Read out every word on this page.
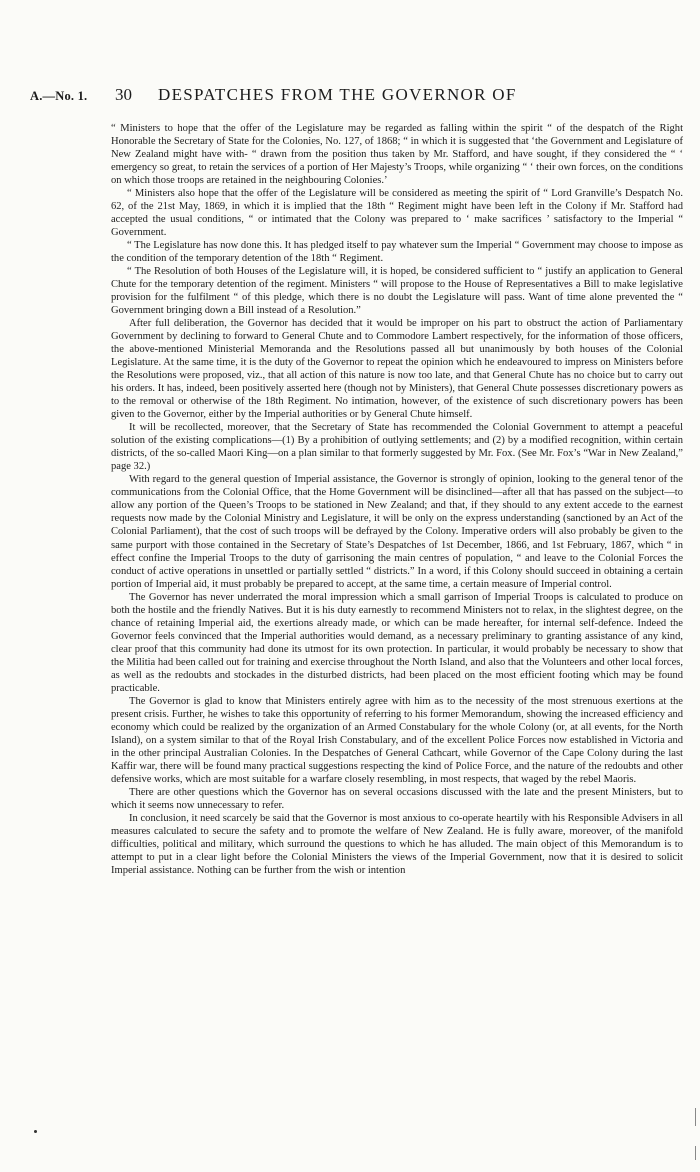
A.—No. 1. 30 DESPATCHES FROM THE GOVERNOR OF

“ Ministers to hope that the offer of the Legislature may be regarded as falling within the spirit “ of the despatch of the Right Honorable the Secretary of State for the Colonies, No. 127, of 1868; “ in which it is suggested that ‘the Government and Legislature of New Zealand might have with- “ drawn from the position thus taken by Mr. Stafford, and have sought, if they considered the “ ‘ emergency so great, to retain the services of a portion of Her Majesty’s Troops, while organizing “ ‘ their own forces, on the conditions on which those troops are retained in the neighbouring Colonies.’

“ Ministers also hope that the offer of the Legislature will be considered as meeting the spirit of “ Lord Granville’s Despatch No. 62, of the 21st May, 1869, in which it is implied that the 18th “ Regiment might have been left in the Colony if Mr. Stafford had accepted the usual conditions, “ or intimated that the Colony was prepared to ‘ make sacrifices ’ satisfactory to the Imperial “ Government.

“ The Legislature has now done this. It has pledged itself to pay whatever sum the Imperial “ Government may choose to impose as the condition of the temporary detention of the 18th “ Regiment.

“ The Resolution of both Houses of the Legislature will, it is hoped, be considered sufficient to “ justify an application to General Chute for the temporary detention of the regiment. Ministers “ will propose to the House of Representatives a Bill to make legislative provision for the fulfilment “ of this pledge, which there is no doubt the Legislature will pass. Want of time alone prevented the “ Government bringing down a Bill instead of a Resolution.”

After full deliberation, the Governor has decided that it would be improper on his part to obstruct the action of Parliamentary Government by declining to forward to General Chute and to Commodore Lambert respectively, for the information of those officers, the above-mentioned Ministerial Memoranda and the Resolutions passed all but unanimously by both houses of the Colonial Legislature. At the same time, it is the duty of the Governor to repeat the opinion which he endeavoured to impress on Ministers before the Resolutions were proposed, viz., that all action of this nature is now too late, and that General Chute has no choice but to carry out his orders. It has, indeed, been positively asserted here (though not by Ministers), that General Chute possesses discretionary powers as to the removal or otherwise of the 18th Regiment. No intimation, however, of the existence of such discretionary powers has been given to the Governor, either by the Imperial authorities or by General Chute himself.

It will be recollected, moreover, that the Secretary of State has recommended the Colonial Government to attempt a peaceful solution of the existing complications—(1) By a prohibition of outlying settlements; and (2) by a modified recognition, within certain districts, of the so-called Maori King—on a plan similar to that formerly suggested by Mr. Fox. (See Mr. Fox’s “War in New Zealand,” page 32.)

With regard to the general question of Imperial assistance, the Governor is strongly of opinion, looking to the general tenor of the communications from the Colonial Office, that the Home Government will be disinclined—after all that has passed on the subject—to allow any portion of the Queen’s Troops to be stationed in New Zealand; and that, if they should to any extent accede to the earnest requests now made by the Colonial Ministry and Legislature, it will be only on the express understanding (sanctioned by an Act of the Colonial Parliament), that the cost of such troops will be defrayed by the Colony. Imperative orders will also probably be given to the same purport with those contained in the Secretary of State’s Despatches of 1st December, 1866, and 1st February, 1867, which “ in effect confine the Imperial Troops to the duty of garrisoning the main centres of population, “ and leave to the Colonial Forces the conduct of active operations in unsettled or partially settled “ districts.” In a word, if this Colony should succeed in obtaining a certain portion of Imperial aid, it must probably be prepared to accept, at the same time, a certain measure of Imperial control.

The Governor has never underrated the moral impression which a small garrison of Imperial Troops is calculated to produce on both the hostile and the friendly Natives. But it is his duty earnestly to recommend Ministers not to relax, in the slightest degree, on the chance of retaining Imperial aid, the exertions already made, or which can be made hereafter, for internal self-defence. Indeed the Governor feels convinced that the Imperial authorities would demand, as a necessary preliminary to granting assistance of any kind, clear proof that this community had done its utmost for its own protection. In particular, it would probably be necessary to show that the Militia had been called out for training and exercise throughout the North Island, and also that the Volunteers and other local forces, as well as the redoubts and stockades in the disturbed districts, had been placed on the most efficient footing which may be found practicable.

The Governor is glad to know that Ministers entirely agree with him as to the necessity of the most strenuous exertions at the present crisis. Further, he wishes to take this opportunity of referring to his former Memorandum, showing the increased efficiency and economy which could be realized by the organization of an Armed Constabulary for the whole Colony (or, at all events, for the North Island), on a system similar to that of the Royal Irish Constabulary, and of the excellent Police Forces now established in Victoria and in the other principal Australian Colonies. In the Despatches of General Cathcart, while Governor of the Cape Colony during the last Kaffir war, there will be found many practical suggestions respecting the kind of Police Force, and the nature of the redoubts and other defensive works, which are most suitable for a warfare closely resembling, in most respects, that waged by the rebel Maoris.

There are other questions which the Governor has on several occasions discussed with the late and the present Ministers, but to which it seems now unnecessary to refer.

In conclusion, it need scarcely be said that the Governor is most anxious to co-operate heartily with his Responsible Advisers in all measures calculated to secure the safety and to promote the welfare of New Zealand. He is fully aware, moreover, of the manifold difficulties, political and military, which surround the questions to which he has alluded. The main object of this Memorandum is to attempt to put in a clear light before the Colonial Ministers the views of the Imperial Government, now that it is desired to solicit Imperial assistance. Nothing can be further from the wish or intention
